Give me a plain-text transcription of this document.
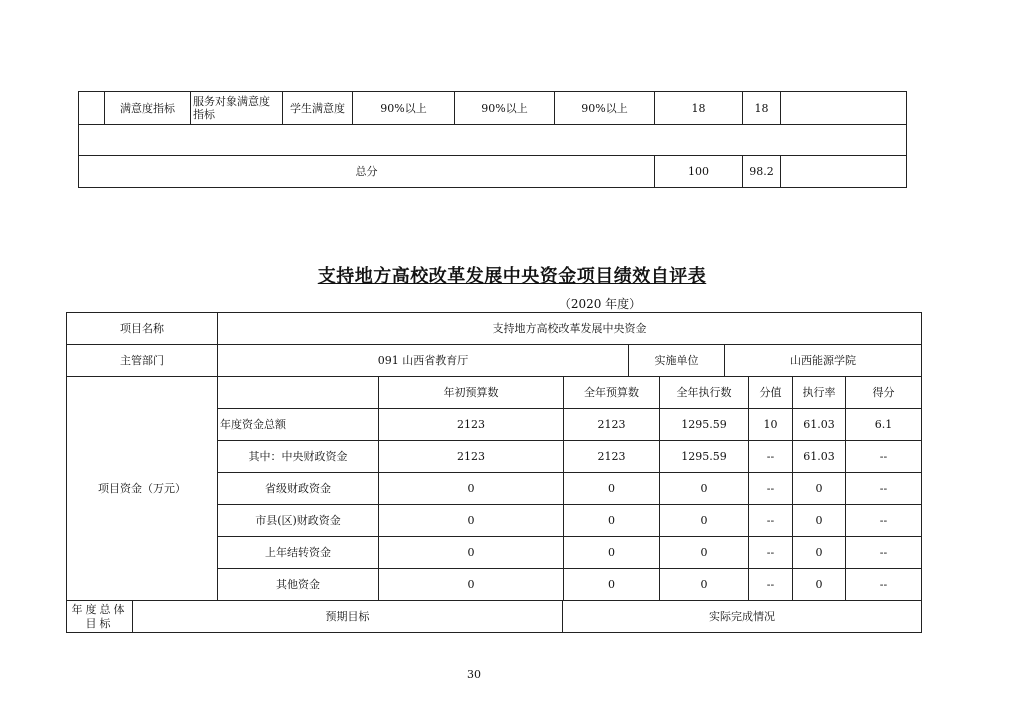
	满意度指标	服务对象满意度指标	学生满意度	90%以上	90%以上	90%以上	18	18	

总分							100	98.2	
支持地方高校改革发展中央资金项目绩效自评表
（2020 年度）
项目名称	支持地方高校改革发展中央资金		
主管部门	091 山西省教育厅	实施单位	山西能源学院
项目资金（万元）		年初预算数	全年预算数	全年执行数	分值	执行率	得分
	年度资金总额	2123	2123	1295.59	10	61.03	6.1
	其中：中央财政资金	2123	2123	1295.59	--	61.03	--
	省级财政资金	0	0	0	--	0	--
	市县(区)财政资金	0	0	0	--	0	--
	上年结转资金	0	0	0	--	0	--
	其他资金	0	0	0	--	0	--
年度总体目标	预期目标	实际完成情况
30
